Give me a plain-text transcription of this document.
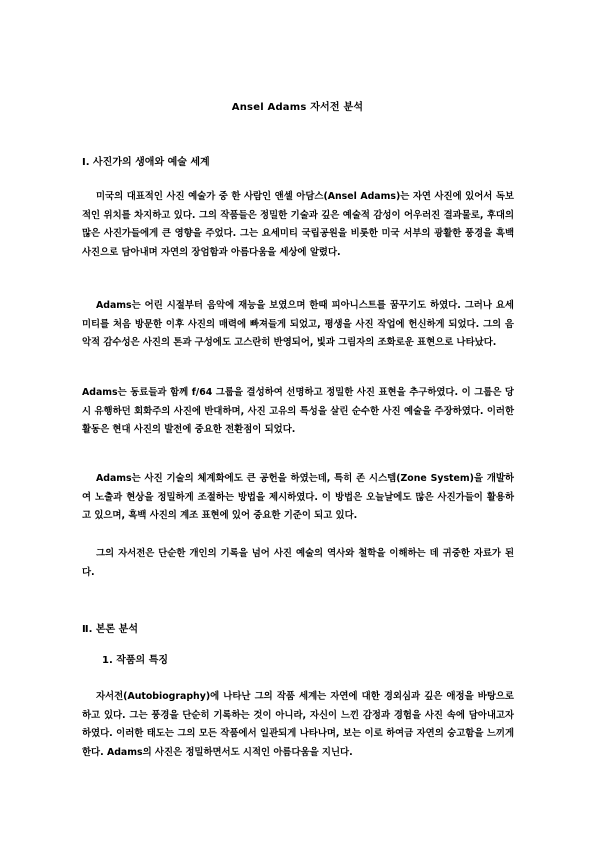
Ansel Adams 자서전 분석
Ⅰ. 사진가의 생애와 예술 세계

미국의 대표적인 사진 예술가 중 한 사람인 앤셀 아담스(Ansel Adams)는 자연 사진에 있어서 독보적인 위치를 차지하고 있다. 그의 작품들은 정밀한 기술과 깊은 예술적 감성이 어우러진 결과물로, 후대의 많은 사진가들에게 큰 영향을 주었다. 그는 요세미티 국립공원을 비롯한 미국 서부의 광활한 풍경을 흑백 사진으로 담아내며 자연의 장엄함과 아름다움을 세상에 알렸다.

Adams는 어린 시절부터 음악에 재능을 보였으며 한때 피아니스트를 꿈꾸기도 하였다. 그러나 요세미티를 처음 방문한 이후 사진의 매력에 빠져들게 되었고, 평생을 사진 작업에 헌신하게 되었다. 그의 음악적 감수성은 사진의 톤과 구성에도 고스란히 반영되어, 빛과 그림자의 조화로운 표현으로 나타났다.

Adams는 동료들과 함께 f/64 그룹을 결성하여 선명하고 정밀한 사진 표현을 추구하였다. 이 그룹은 당시 유행하던 회화주의 사진에 반대하며, 사진 고유의 특성을 살린 순수한 사진 예술을 주장하였다. 이러한 활동은 현대 사진의 발전에 중요한 전환점이 되었다.

Adams는 사진 기술의 체계화에도 큰 공헌을 하였는데, 특히 존 시스템(Zone System)을 개발하여 노출과 현상을 정밀하게 조절하는 방법을 제시하였다. 이 방법은 오늘날에도 많은 사진가들이 활용하고 있으며, 흑백 사진의 계조 표현에 있어 중요한 기준이 되고 있다.

그의 자서전은 단순한 개인의 기록을 넘어 사진 예술의 역사와 철학을 이해하는 데 귀중한 자료가 된다.

Ⅱ. 본론 분석
1. 작품의 특징

자서전(Autobiography)에 나타난 그의 작품 세계는 자연에 대한 경외심과 깊은 애정을 바탕으로 하고 있다. 그는 풍경을 단순히 기록하는 것이 아니라, 자신이 느낀 감정과 경험을 사진 속에 담아내고자 하였다. 이러한 태도는 그의 모든 작품에서 일관되게 나타나며, 보는 이로 하여금 자연의 숭고함을 느끼게 한다. Adams의 사진은 정밀하면서도 시적인 아름다움을 지닌다.
